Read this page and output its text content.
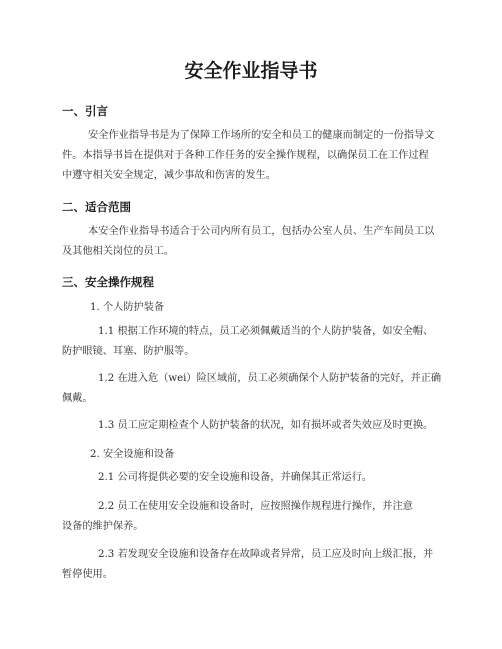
安全作业指导书
一、引言
安全作业指导书是为了保障工作场所的安全和员工的健康而制定的一份指导文
件。本指导书旨在提供对于各种工作任务的安全操作规程，以确保员工在工作过程
中遵守相关安全规定，减少事故和伤害的发生。
二、适合范围
本安全作业指导书适合于公司内所有员工，包括办公室人员、生产车间员工以
及其他相关岗位的员工。
三、安全操作规程
1. 个人防护装备
1.1 根据工作环境的特点，员工必须佩戴适当的个人防护装备，如安全帽、
防护眼镜、耳塞、防护服等。
1.2 在进入危（wei）险区域前，员工必须确保个人防护装备的完好，并正确
佩戴。
1.3 员工应定期检查个人防护装备的状况，如有损坏或者失效应及时更换。
2. 安全设施和设备
2.1 公司将提供必要的安全设施和设备，并确保其正常运行。
2.2 员工在使用安全设施和设备时，应按照操作规程进行操作，并注意
设备的维护保养。
2.3 若发现安全设施和设备存在故障或者异常，员工应及时向上级汇报，并
暂停使用。
